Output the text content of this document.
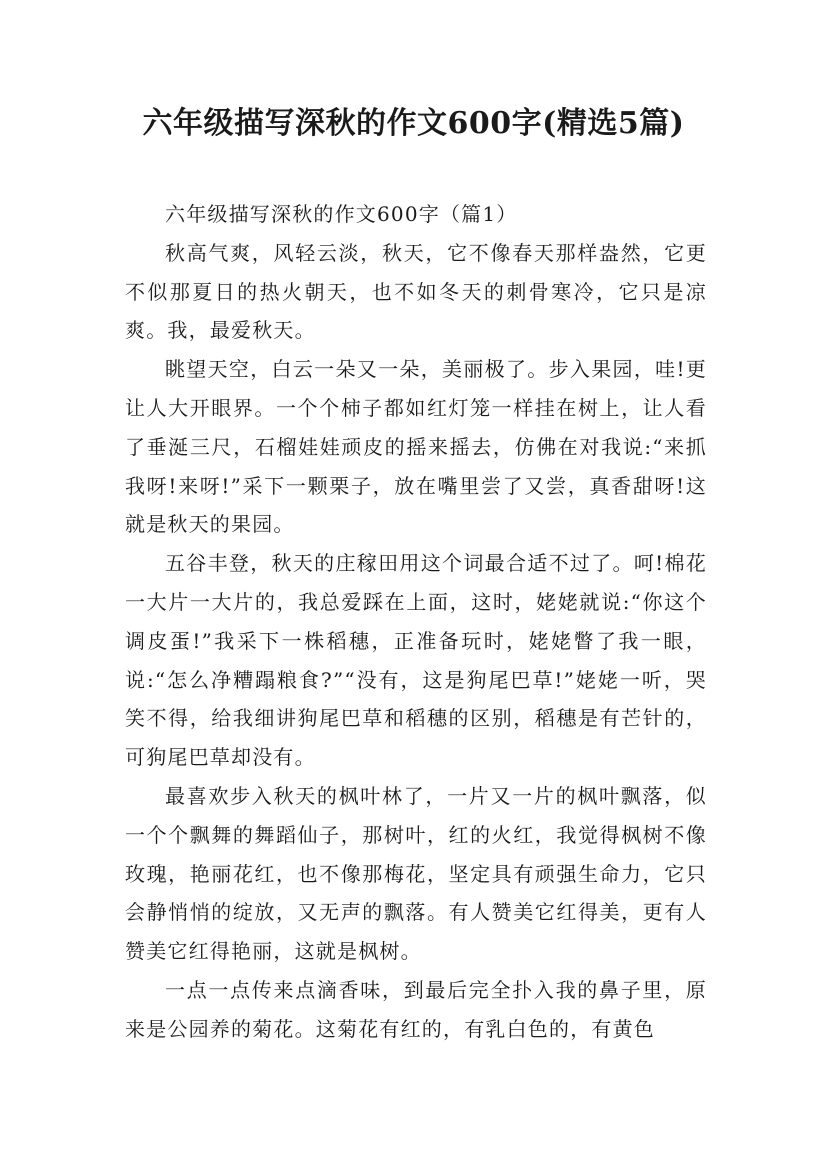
六年级描写深秋的作文600字(精选5篇)

六年级描写深秋的作文600字（篇1）

秋高气爽，风轻云淡，秋天，它不像春天那样盎然，它更不似那夏日的热火朝天，也不如冬天的刺骨寒冷，它只是凉爽。我，最爱秋天。

眺望天空，白云一朵又一朵，美丽极了。步入果园，哇!更让人大开眼界。一个个柿子都如红灯笼一样挂在树上，让人看了垂涎三尺，石榴娃娃顽皮的摇来摇去，仿佛在对我说:“来抓我呀!来呀!”采下一颗栗子，放在嘴里尝了又尝，真香甜呀!这就是秋天的果园。

五谷丰登，秋天的庄稼田用这个词最合适不过了。呵!棉花一大片一大片的，我总爱踩在上面，这时，姥姥就说:“你这个调皮蛋!”我采下一株稻穗，正准备玩时，姥姥瞥了我一眼，说:“怎么净糟蹋粮食?”“没有，这是狗尾巴草!”姥姥一听，哭笑不得，给我细讲狗尾巴草和稻穗的区别，稻穗是有芒针的，可狗尾巴草却没有。

最喜欢步入秋天的枫叶林了，一片又一片的枫叶飘落，似一个个飘舞的舞蹈仙子，那树叶，红的火红，我觉得枫树不像玫瑰，艳丽花红，也不像那梅花，坚定具有顽强生命力，它只会静悄悄的绽放，又无声的飘落。有人赞美它红得美，更有人赞美它红得艳丽，这就是枫树。

一点一点传来点滴香味，到最后完全扑入我的鼻子里，原来是公园养的菊花。这菊花有红的，有乳白色的，有黄色
